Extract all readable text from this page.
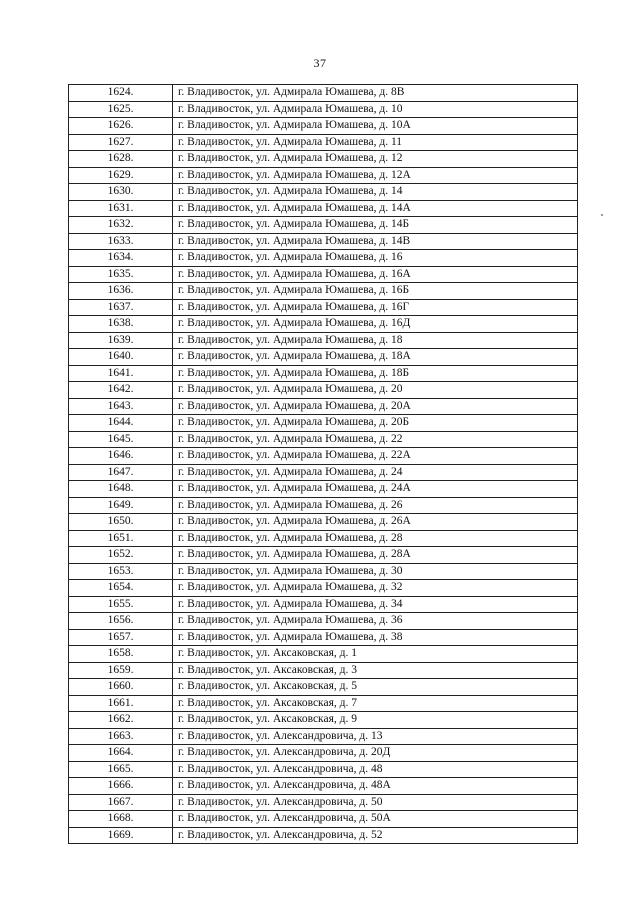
37
1624.	г. Владивосток, ул. Адмирала Юмашева, д. 8В
1625.	г. Владивосток, ул. Адмирала Юмашева, д. 10
1626.	г. Владивосток, ул. Адмирала Юмашева, д. 10А
1627.	г. Владивосток, ул. Адмирала Юмашева, д. 11
1628.	г. Владивосток, ул. Адмирала Юмашева, д. 12
1629.	г. Владивосток, ул. Адмирала Юмашева, д. 12А
1630.	г. Владивосток, ул. Адмирала Юмашева, д. 14
1631.	г. Владивосток, ул. Адмирала Юмашева, д. 14А
1632.	г. Владивосток, ул. Адмирала Юмашева, д. 14Б
1633.	г. Владивосток, ул. Адмирала Юмашева, д. 14В
1634.	г. Владивосток, ул. Адмирала Юмашева, д. 16
1635.	г. Владивосток, ул. Адмирала Юмашева, д. 16А
1636.	г. Владивосток, ул. Адмирала Юмашева, д. 16Б
1637.	г. Владивосток, ул. Адмирала Юмашева, д. 16Г
1638.	г. Владивосток, ул. Адмирала Юмашева, д. 16Д
1639.	г. Владивосток, ул. Адмирала Юмашева, д. 18
1640.	г. Владивосток, ул. Адмирала Юмашева, д. 18А
1641.	г. Владивосток, ул. Адмирала Юмашева, д. 18Б
1642.	г. Владивосток, ул. Адмирала Юмашева, д. 20
1643.	г. Владивосток, ул. Адмирала Юмашева, д. 20А
1644.	г. Владивосток, ул. Адмирала Юмашева, д. 20Б
1645.	г. Владивосток, ул. Адмирала Юмашева, д. 22
1646.	г. Владивосток, ул. Адмирала Юмашева, д. 22А
1647.	г. Владивосток, ул. Адмирала Юмашева, д. 24
1648.	г. Владивосток, ул. Адмирала Юмашева, д. 24А
1649.	г. Владивосток, ул. Адмирала Юмашева, д. 26
1650.	г. Владивосток, ул. Адмирала Юмашева, д. 26А
1651.	г. Владивосток, ул. Адмирала Юмашева, д. 28
1652.	г. Владивосток, ул. Адмирала Юмашева, д. 28А
1653.	г. Владивосток, ул. Адмирала Юмашева, д. 30
1654.	г. Владивосток, ул. Адмирала Юмашева, д. 32
1655.	г. Владивосток, ул. Адмирала Юмашева, д. 34
1656.	г. Владивосток, ул. Адмирала Юмашева, д. 36
1657.	г. Владивосток, ул. Адмирала Юмашева, д. 38
1658.	г. Владивосток, ул. Аксаковская, д. 1
1659.	г. Владивосток, ул. Аксаковская, д. 3
1660.	г. Владивосток, ул. Аксаковская, д. 5
1661.	г. Владивосток, ул. Аксаковская, д. 7
1662.	г. Владивосток, ул. Аксаковская, д. 9
1663.	г. Владивосток, ул. Александровича, д. 13
1664.	г. Владивосток, ул. Александровича, д. 20Д
1665.	г. Владивосток, ул. Александровича, д. 48
1666.	г. Владивосток, ул. Александровича, д. 48А
1667.	г. Владивосток, ул. Александровича, д. 50
1668.	г. Владивосток, ул. Александровича, д. 50А
1669.	г. Владивосток, ул. Александровича, д. 52
